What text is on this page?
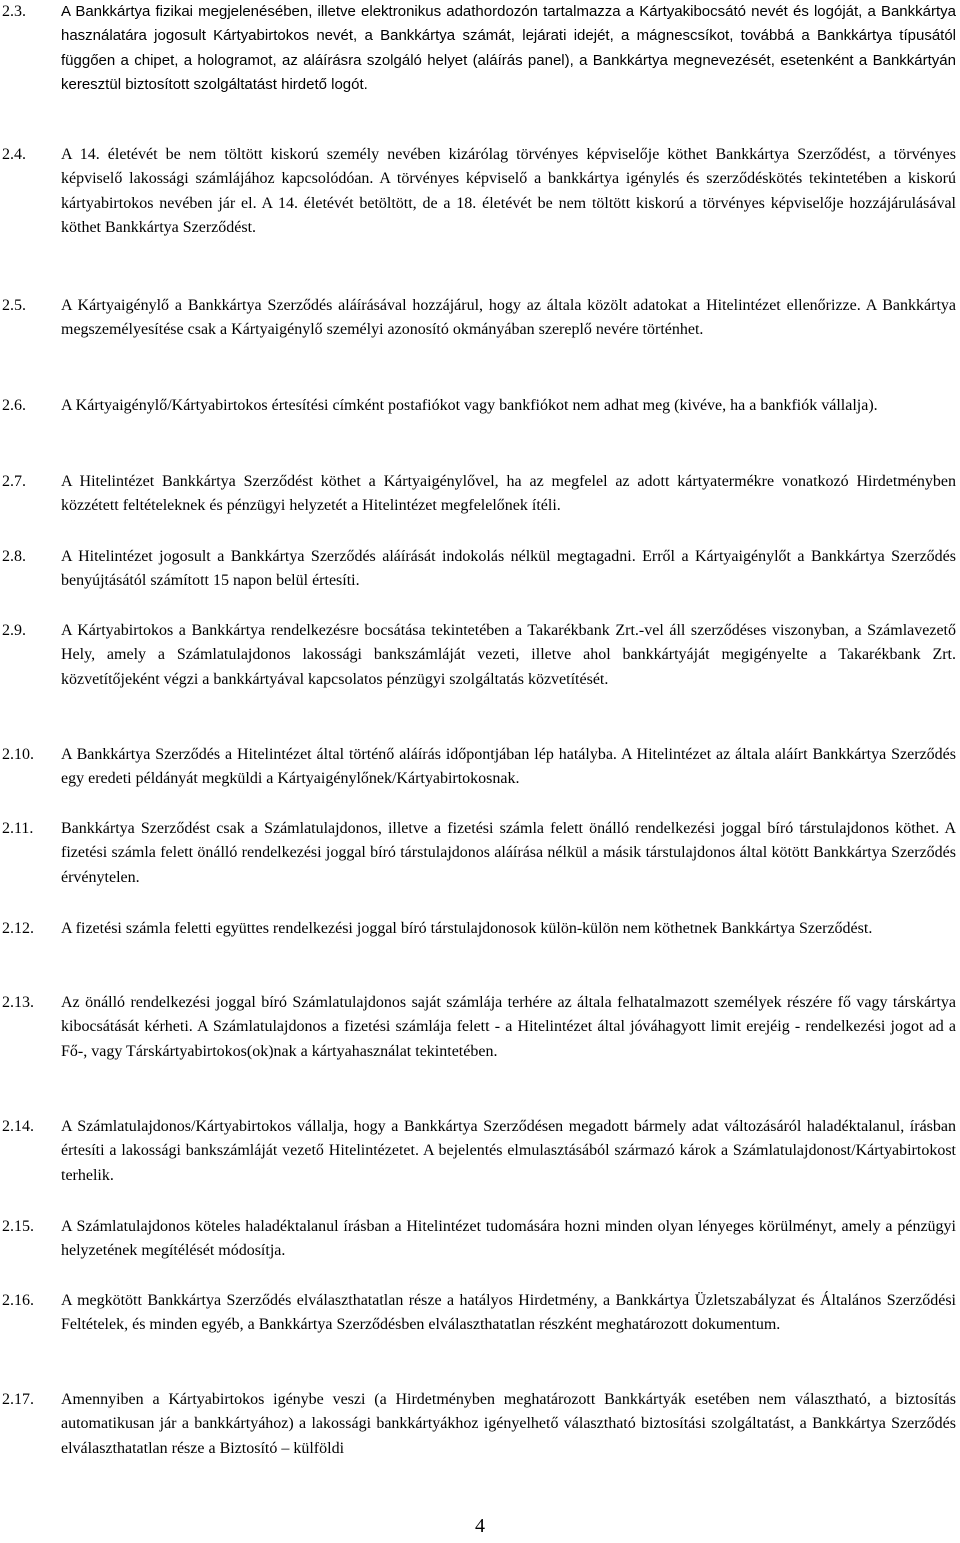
2.3. A Bankkártya fizikai megjelenésében, illetve elektronikus adathordozón tartalmazza a Kártyakibocsátó nevét és logóját, a Bankkártya használatára jogosult Kártyabirtokos nevét, a Bankkártya számát, lejárati idejét, a mágnescsíkot, továbbá a Bankkártya típusától függően a chipet, a hologramot, az aláírásra szolgáló helyet (aláírás panel), a Bankkártya megnevezését, esetenként a Bankkártyán keresztül biztosított szolgáltatást hirdető logót.
2.4. A 14. életévét be nem töltött kiskorú személy nevében kizárólag törvényes képviselője köthet Bankkártya Szerződést, a törvényes képviselő lakossági számlájához kapcsolódóan. A törvényes képviselő a bankkártya igénylés és szerződéskötés tekintetében a kiskorú kártyabirtokos nevében jár el. A 14. életévét betöltött, de a 18. életévét be nem töltött kiskorú a törvényes képviselője hozzájárulásával köthet Bankkártya Szerződést.
2.5. A Kártyaigénylő a Bankkártya Szerződés aláírásával hozzájárul, hogy az általa közölt adatokat a Hitelintézet ellenőrizze. A Bankkártya megszemélyesítése csak a Kártyaigénylő személyi azonosító okmányában szereplő nevére történhet.
2.6. A Kártyaigénylő/Kártyabirtokos értesítési címként postafiókot vagy bankfiókot nem adhat meg (kivéve, ha a bankfiók vállalja).
2.7. A Hitelintézet Bankkártya Szerződést köthet a Kártyaigénylővel, ha az megfelel az adott kártyatermékre vonatkozó Hirdetményben közzétett feltételeknek és pénzügyi helyzetét a Hitelintézet megfelelőnek ítéli.
2.8. A Hitelintézet jogosult a Bankkártya Szerződés aláírását indokolás nélkül megtagadni. Erről a Kártyaigénylőt a Bankkártya Szerződés benyújtásától számított 15 napon belül értesíti.
2.9. A Kártyabirtokos a Bankkártya rendelkezésre bocsátása tekintetében a Takarékbank Zrt.-vel áll szerződéses viszonyban, a Számlavezető Hely, amely a Számlatulajdonos lakossági bankszámláját vezeti, illetve ahol bankkártyáját megigényelte a Takarékbank Zrt. közvetítőjeként végzi a bankkártyával kapcsolatos pénzügyi szolgáltatás közvetítését.
2.10. A Bankkártya Szerződés a Hitelintézet által történő aláírás időpontjában lép hatályba. A Hitelintézet az általa aláírt Bankkártya Szerződés egy eredeti példányát megküldi a Kártyaigénylőnek/Kártyabirtokosnak.
2.11. Bankkártya Szerződést csak a Számlatulajdonos, illetve a fizetési számla felett önálló rendelkezési joggal bíró társtulajdonos köthet. A fizetési számla felett önálló rendelkezési joggal bíró társtulajdonos aláírása nélkül a másik társtulajdonos által kötött Bankkártya Szerződés érvénytelen.
2.12. A fizetési számla feletti együttes rendelkezési joggal bíró társtulajdonosok külön-külön nem köthetnek Bankkártya Szerződést.
2.13. Az önálló rendelkezési joggal bíró Számlatulajdonos saját számlája terhére az általa felhatalmazott személyek részére fő vagy társkártya kibocsátását kérheti. A Számlatulajdonos a fizetési számlája felett - a Hitelintézet által jóváhagyott limit erejéig - rendelkezési jogot ad a Fő-, vagy Társkártyabirtokos(ok)nak a kártyahasználat tekintetében.
2.14. A Számlatulajdonos/Kártyabirtokos vállalja, hogy a Bankkártya Szerződésen megadott bármely adat változásáról haladéktalanul, írásban értesíti a lakossági bankszámláját vezető Hitelintézetet. A bejelentés elmulasztásából származó károk a Számlatulajdonost/Kártyabirtokost terhelik.
2.15. A Számlatulajdonos köteles haladéktalanul írásban a Hitelintézet tudomására hozni minden olyan lényeges körülményt, amely a pénzügyi helyzetének megítélését módosítja.
2.16. A megkötött Bankkártya Szerződés elválaszthatatlan része a hatályos Hirdetmény, a Bankkártya Üzletszabályzat és Általános Szerződési Feltételek, és minden egyéb, a Bankkártya Szerződésben elválaszthatatlan részként meghatározott dokumentum.
2.17. Amennyiben a Kártyabirtokos igénybe veszi (a Hirdetményben meghatározott Bankkártyák esetében nem választható, a biztosítás automatikusan jár a bankkártyához) a lakossági bankkártyákhoz igényelhető választható biztosítási szolgáltatást, a Bankkártya Szerződés elválaszthatatlan része a Biztosító – külföldi
4
